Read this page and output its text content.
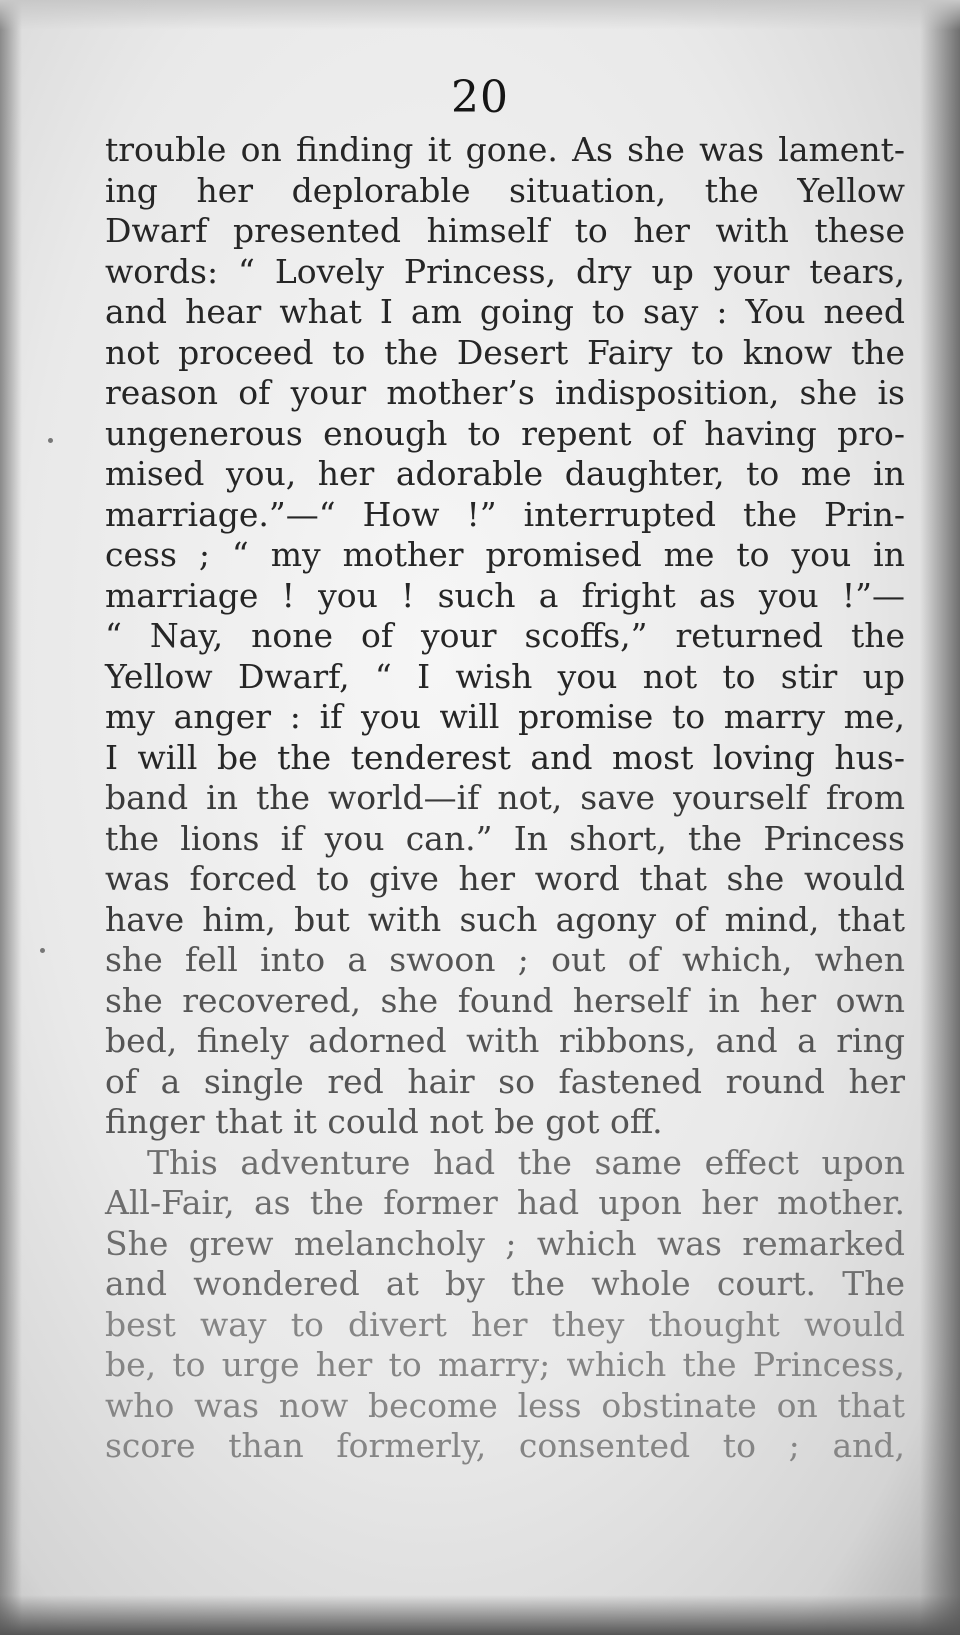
20
trouble on finding it gone. As she was lament-
ing her deplorable situation, the Yellow
Dwarf presented himself to her with these
words: “ Lovely Princess, dry up your tears,
and hear what I am going to say : You need
not proceed to the Desert Fairy to know the
reason of your mother’s indisposition, she is
ungenerous enough to repent of having pro-
mised you, her adorable daughter, to me in
marriage.”—“ How !” interrupted the Prin-
cess ; “ my mother promised me to you in
marriage ! you ! such a fright as you !”—
“ Nay, none of your scoffs,” returned the
Yellow Dwarf, “ I wish you not to stir up
my anger : if you will promise to marry me,
I will be the tenderest and most loving hus-
band in the world—if not, save yourself from
the lions if you can.” In short, the Princess
was forced to give her word that she would
have him, but with such agony of mind, that
she fell into a swoon ; out of which, when
she recovered, she found herself in her own
bed, finely adorned with ribbons, and a ring
of a single red hair so fastened round her
finger that it could not be got off.
This adventure had the same effect upon
All-Fair, as the former had upon her mother.
She grew melancholy ; which was remarked
and wondered at by the whole court. The
best way to divert her they thought would
be, to urge her to marry; which the Princess,
who was now become less obstinate on that
score than formerly, consented to ; and,
